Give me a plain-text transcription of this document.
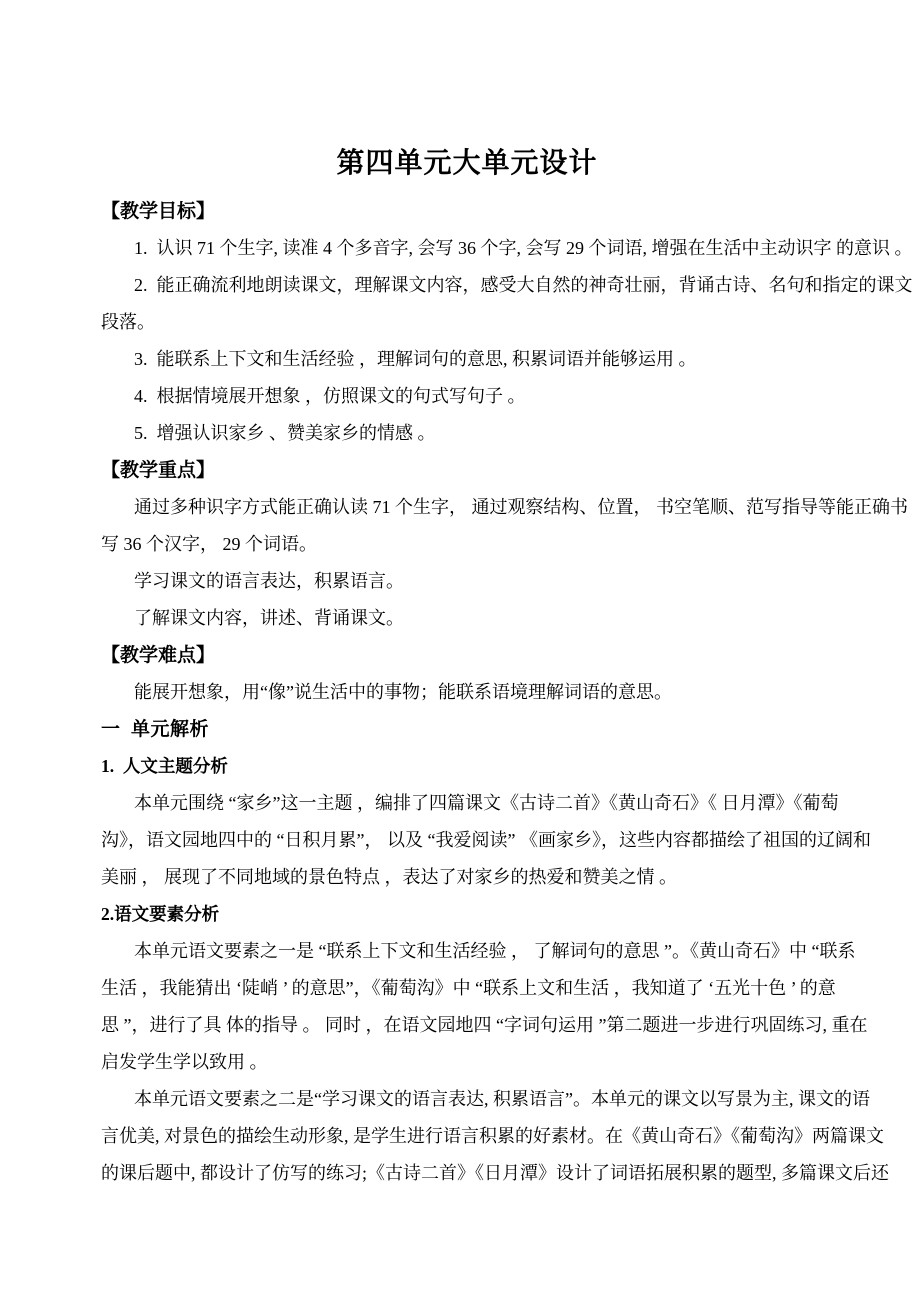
第四单元大单元设计
【教学目标】
1.  认识 71 个生字, 读准 4 个多音字, 会写 36 个字, 会写 29 个词语, 增强在生活中主动识字 的意识 。
2.  能正确流利地朗读课文，理解课文内容，感受大自然的神奇壮丽，背诵古诗、名句和指定的课文
段落。
3.  能联系上下文和生活经验 ，理解词句的意思, 积累词语并能够运用 。
4.  根据情境展开想象 ，仿照课文的句式写句子 。
5.  增强认识家乡 、赞美家乡的情感 。
【教学重点】
通过多种识字方式能正确认读 71 个生字， 通过观察结构、位置， 书空笔顺、范写指导等能正确书
写 36 个汉字， 29 个词语。
学习课文的语言表达，积累语言。
了解课文内容，讲述、背诵课文。
【教学难点】
能展开想象，用“像”说生活中的事物；能联系语境理解词语的意思。
一  单元解析
1.  人文主题分析
本单元围绕 “家乡”这一主题 ，编排了四篇课文《古诗二首》《黄山奇石》《 日月潭》《葡萄
沟》，语文园地四中的 “日积月累”， 以及 “我爱阅读” 《画家乡》，这些内容都描绘了祖国的辽阔和
美丽 ， 展现了不同地域的景色特点 ，表达了对家乡的热爱和赞美之情 。
2.语文要素分析
本单元语文要素之一是 “联系上下文和生活经验 ， 了解词句的意思 ”。《黄山奇石》中 “联系
生活 ，我能猜出 ‘陡峭 ’ 的意思”，《葡萄沟》中 “联系上文和生活 ，我知道了 ‘五光十色 ’ 的意
思 ”，进行了具 体的指导 。 同时 ，在语文园地四 “字词句运用 ”第二题进一步进行巩固练习, 重在
启发学生学以致用 。
本单元语文要素之二是“学习课文的语言表达, 积累语言”。本单元的课文以写景为主, 课文的语
言优美, 对景色的描绘生动形象, 是学生进行语言积累的好素材。在《黄山奇石》《葡萄沟》两篇课文
的课后题中, 都设计了仿写的练习;《古诗二首》《日月潭》设计了词语拓展积累的题型, 多篇课文后还
